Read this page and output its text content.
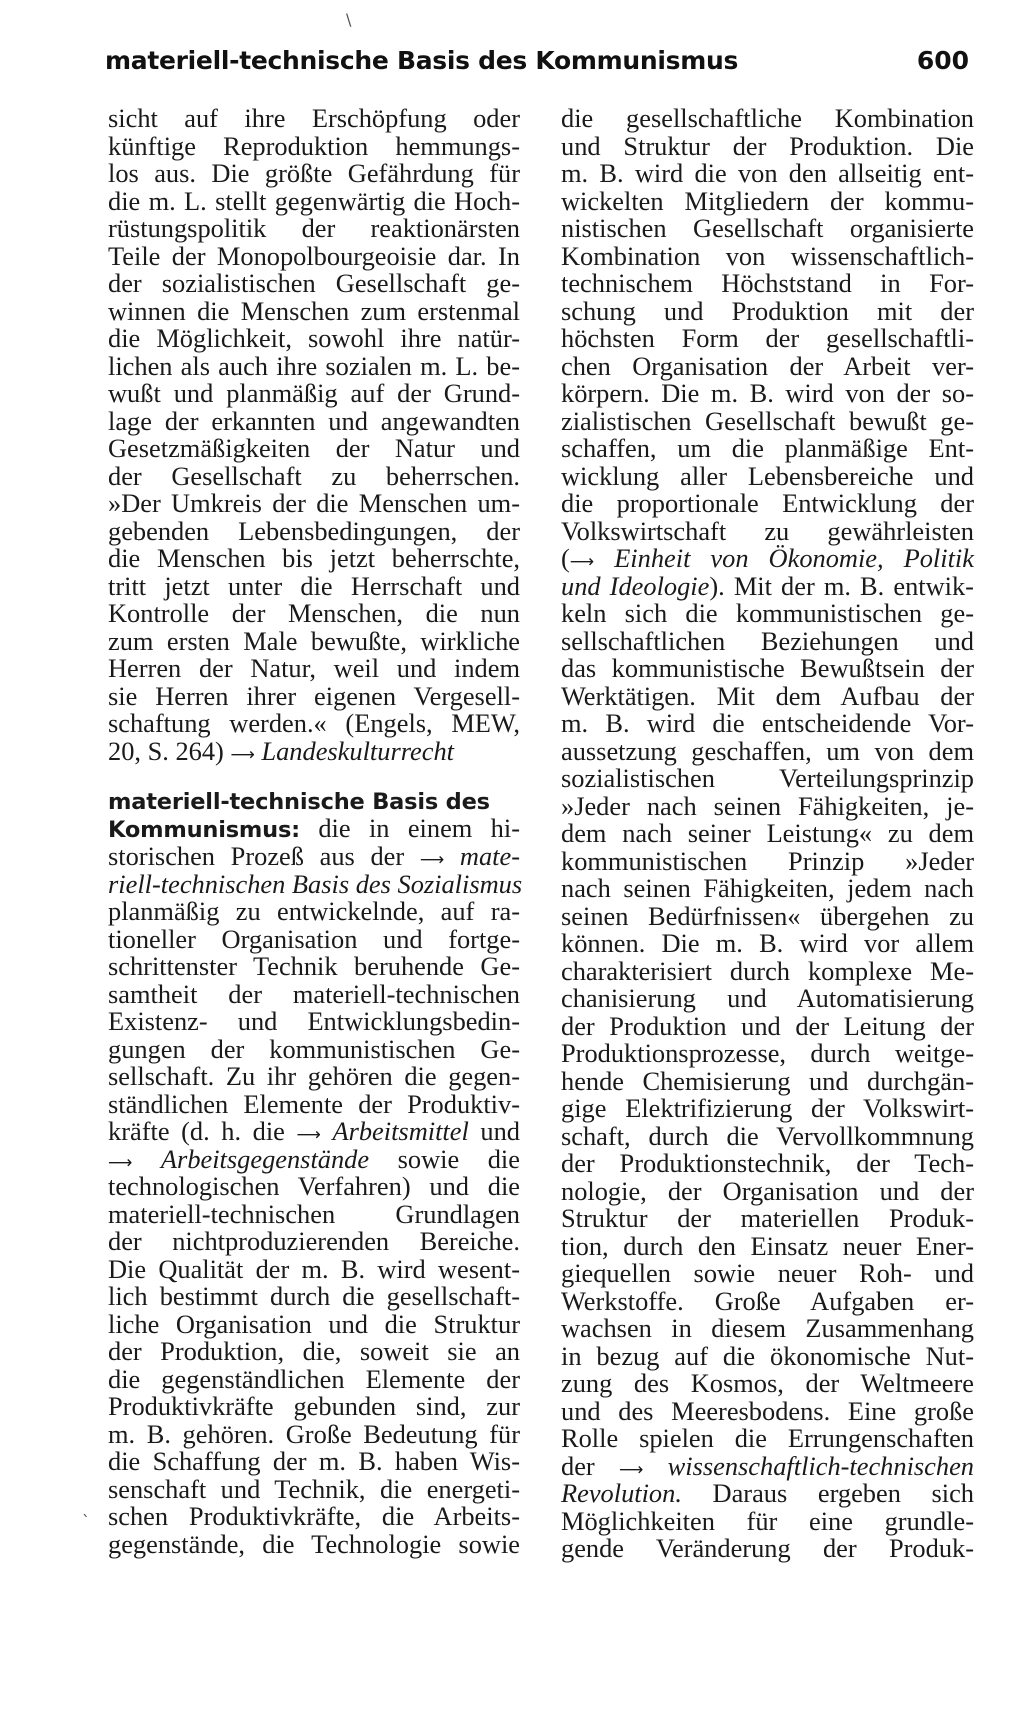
\
materiell-technische Basis des Kommunismus	600
sicht auf ihre Erschöpfung oder
künftige Reproduktion hemmungs-
los aus. Die größte Gefährdung für
die m. L. stellt gegenwärtig die Hoch-
rüstungspolitik der reaktionärsten
Teile der Monopolbourgeoisie dar. In
der sozialistischen Gesellschaft ge-
winnen die Menschen zum erstenmal
die Möglichkeit, sowohl ihre natür-
lichen als auch ihre sozialen m. L. be-
wußt und planmäßig auf der Grund-
lage der erkannten und angewandten
Gesetzmäßigkeiten der Natur und
der Gesellschaft zu beherrschen.
»Der Umkreis der die Menschen um-
gebenden Lebensbedingungen, der
die Menschen bis jetzt beherrschte,
tritt jetzt unter die Herrschaft und
Kontrolle der Menschen, die nun
zum ersten Male bewußte, wirkliche
Herren der Natur, weil und indem
sie Herren ihrer eigenen Vergesell-
schaftung werden.« (Engels, MEW,
20, S. 264) ⟶ Landeskulturrecht
materiell-technische Basis des
Kommunismus: die in einem hi-
storischen Prozeß aus der ⟶ mate-
riell-technischen Basis des Sozialismus
planmäßig zu entwickelnde, auf ra-
tioneller Organisation und fortge-
schrittenster Technik beruhende Ge-
samtheit der materiell-technischen
Existenz- und Entwicklungsbedin-
gungen der kommunistischen Ge-
sellschaft. Zu ihr gehören die gegen-
ständlichen Elemente der Produktiv-
kräfte (d. h. die ⟶ Arbeitsmittel und
⟶ Arbeitsgegenstände sowie die
technologischen Verfahren) und die
materiell-technischen Grundlagen
der nichtproduzierenden Bereiche.
Die Qualität der m. B. wird wesent-
lich bestimmt durch die gesellschaft-
liche Organisation und die Struktur
der Produktion, die, soweit sie an
die gegenständlichen Elemente der
Produktivkräfte gebunden sind, zur
m. B. gehören. Große Bedeutung für
die Schaffung der m. B. haben Wis-
senschaft und Technik, die energeti-
schen Produktivkräfte, die Arbeits-
gegenstände, die Technologie sowie
die gesellschaftliche Kombination
und Struktur der Produktion. Die
m. B. wird die von den allseitig ent-
wickelten Mitgliedern der kommu-
nistischen Gesellschaft organisierte
Kombination von wissenschaftlich-
technischem Höchststand in For-
schung und Produktion mit der
höchsten Form der gesellschaftli-
chen Organisation der Arbeit ver-
körpern. Die m. B. wird von der so-
zialistischen Gesellschaft bewußt ge-
schaffen, um die planmäßige Ent-
wicklung aller Lebensbereiche und
die proportionale Entwicklung der
Volkswirtschaft zu gewährleisten
(⟶ Einheit von Ökonomie, Politik
und Ideologie). Mit der m. B. entwik-
keln sich die kommunistischen ge-
sellschaftlichen Beziehungen und
das kommunistische Bewußtsein der
Werktätigen. Mit dem Aufbau der
m. B. wird die entscheidende Vor-
aussetzung geschaffen, um von dem
sozialistischen Verteilungsprinzip
»Jeder nach seinen Fähigkeiten, je-
dem nach seiner Leistung« zu dem
kommunistischen Prinzip »Jeder
nach seinen Fähigkeiten, jedem nach
seinen Bedürfnissen« übergehen zu
können. Die m. B. wird vor allem
charakterisiert durch komplexe Me-
chanisierung und Automatisierung
der Produktion und der Leitung der
Produktionsprozesse, durch weitge-
hende Chemisierung und durchgän-
gige Elektrifizierung der Volkswirt-
schaft, durch die Vervollkommnung
der Produktionstechnik, der Tech-
nologie, der Organisation und der
Struktur der materiellen Produk-
tion, durch den Einsatz neuer Ener-
giequellen sowie neuer Roh- und
Werkstoffe. Große Aufgaben er-
wachsen in diesem Zusammenhang
in bezug auf die ökonomische Nut-
zung des Kosmos, der Weltmeere
und des Meeresbodens. Eine große
Rolle spielen die Errungenschaften
der ⟶ wissenschaftlich-technischen
Revolution. Daraus ergeben sich
Möglichkeiten für eine grundle-
gende Veränderung der Produk-
`
